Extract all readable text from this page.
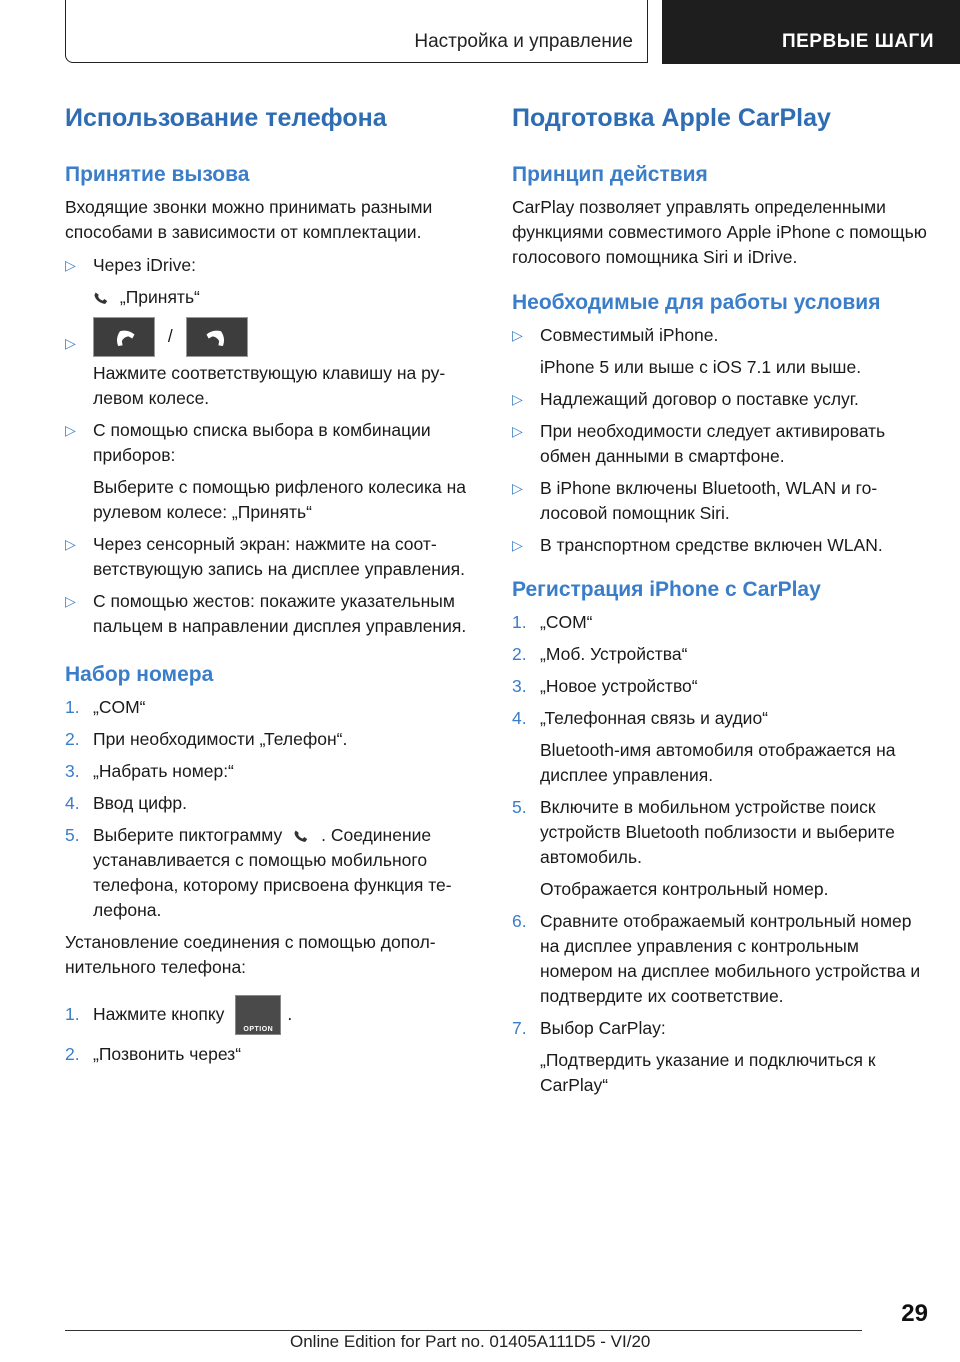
Настройка и управление	ПЕРВЫЕ ШАГИ
Использование телефона
Принятие вызова

Входящие звонки можно принимать разными способами в зависимости от комплектации.

▷ Через iDrive:
„Принять“
▷	/
Нажмите соответствующую клавишу на рулевом колесе.
▷ С помощью списка выбора в комбинации приборов:
Выберите с помощью рифленого колесика на рулевом колесе: „Принять“
▷ Через сенсорный экран: нажмите на соответствующую запись на дисплее управления.
▷ С помощью жестов: покажите указательным пальцем в направлении дисплея управления.
Набор номера
1. „COM“
2. При необходимости „Телефон“.
3. „Набрать номер:“
4. Ввод цифр.
5. Выберите пиктограмму . Соединение устанавливается с помощью мобильного телефона, которому присвоена функция телефона.

Установление соединения с помощью дополнительного телефона:

1. Нажмите кнопку
OPTION
.
2. „Позвонить через“
Подготовка Apple CarPlay
Принцип действия

CarPlay позволяет управлять определенными функциями совместимого Apple iPhone с помощью голосового помощника Siri и iDrive.

Необходимые для работы условия
▷ Совместимый iPhone.
iPhone 5 или выше с iOS 7.1 или выше.
▷ Надлежащий договор о поставке услуг.
▷ При необходимости следует активировать обмен данными в смартфоне.
▷ В iPhone включены Bluetooth, WLAN и голосовой помощник Siri.
▷ В транспортном средстве включен WLAN.
Регистрация iPhone с CarPlay
1. „COM“
2. „Моб. Устройства“
3. „Новое устройство“
4. „Телефонная связь и аудио“
Bluetooth-имя автомобиля отображается на дисплее управления.
5. Включите в мобильном устройстве поиск устройств Bluetooth поблизости и выберите автомобиль.
Отображается контрольный номер.
6. Сравните отображаемый контрольный номер на дисплее управления с контрольным номером на дисплее мобильного устройства и подтвердите их соответствие.
7. Выбор CarPlay:
„Подтвердить указание и подключиться к CarPlay“
29
Online Edition for Part no. 01405A111D5 - VI/20
